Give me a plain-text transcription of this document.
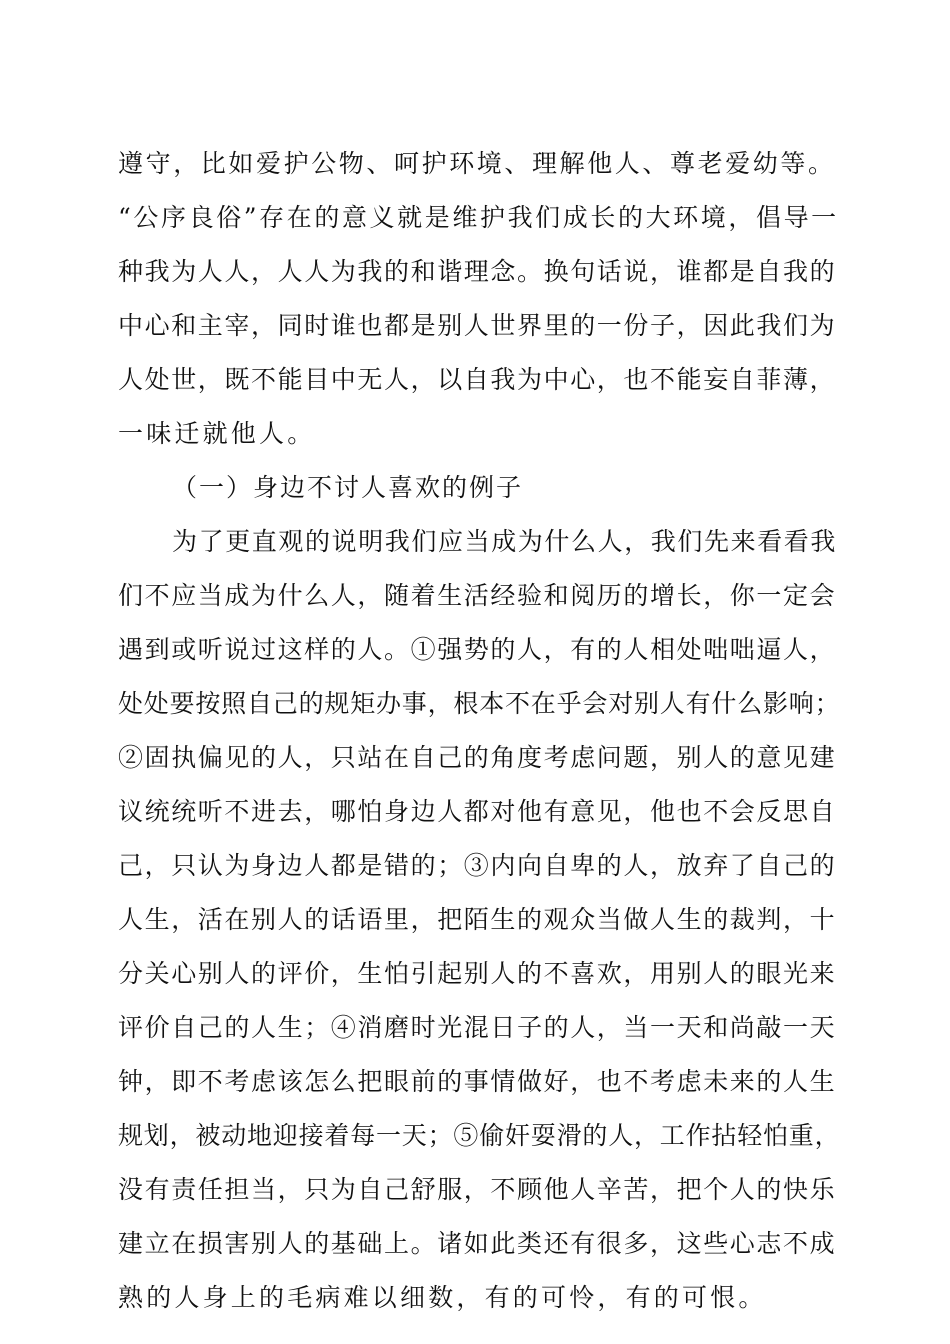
遵守，比如爱护公物、呵护环境、理解他人、尊老爱幼等。
“公序良俗”存在的意义就是维护我们成长的大环境，倡导一
种我为人人，人人为我的和谐理念。换句话说，谁都是自我的
中心和主宰，同时谁也都是别人世界里的一份子，因此我们为
人处世，既不能目中无人，以自我为中心，也不能妄自菲薄，
一味迁就他人。
（一）身边不讨人喜欢的例子
为了更直观的说明我们应当成为什么人，我们先来看看我
们不应当成为什么人，随着生活经验和阅历的增长，你一定会
遇到或听说过这样的人。①强势的人，有的人相处咄咄逼人，
处处要按照自己的规矩办事，根本不在乎会对别人有什么影响；
②固执偏见的人，只站在自己的角度考虑问题，别人的意见建
议统统听不进去，哪怕身边人都对他有意见，他也不会反思自
己，只认为身边人都是错的；③内向自卑的人，放弃了自己的
人生，活在别人的话语里，把陌生的观众当做人生的裁判，十
分关心别人的评价，生怕引起别人的不喜欢，用别人的眼光来
评价自己的人生；④消磨时光混日子的人，当一天和尚敲一天
钟，即不考虑该怎么把眼前的事情做好，也不考虑未来的人生
规划，被动地迎接着每一天；⑤偷奸耍滑的人，工作拈轻怕重，
没有责任担当，只为自己舒服，不顾他人辛苦，把个人的快乐
建立在损害别人的基础上。诸如此类还有很多，这些心志不成
熟的人身上的毛病难以细数，有的可怜，有的可恨。
